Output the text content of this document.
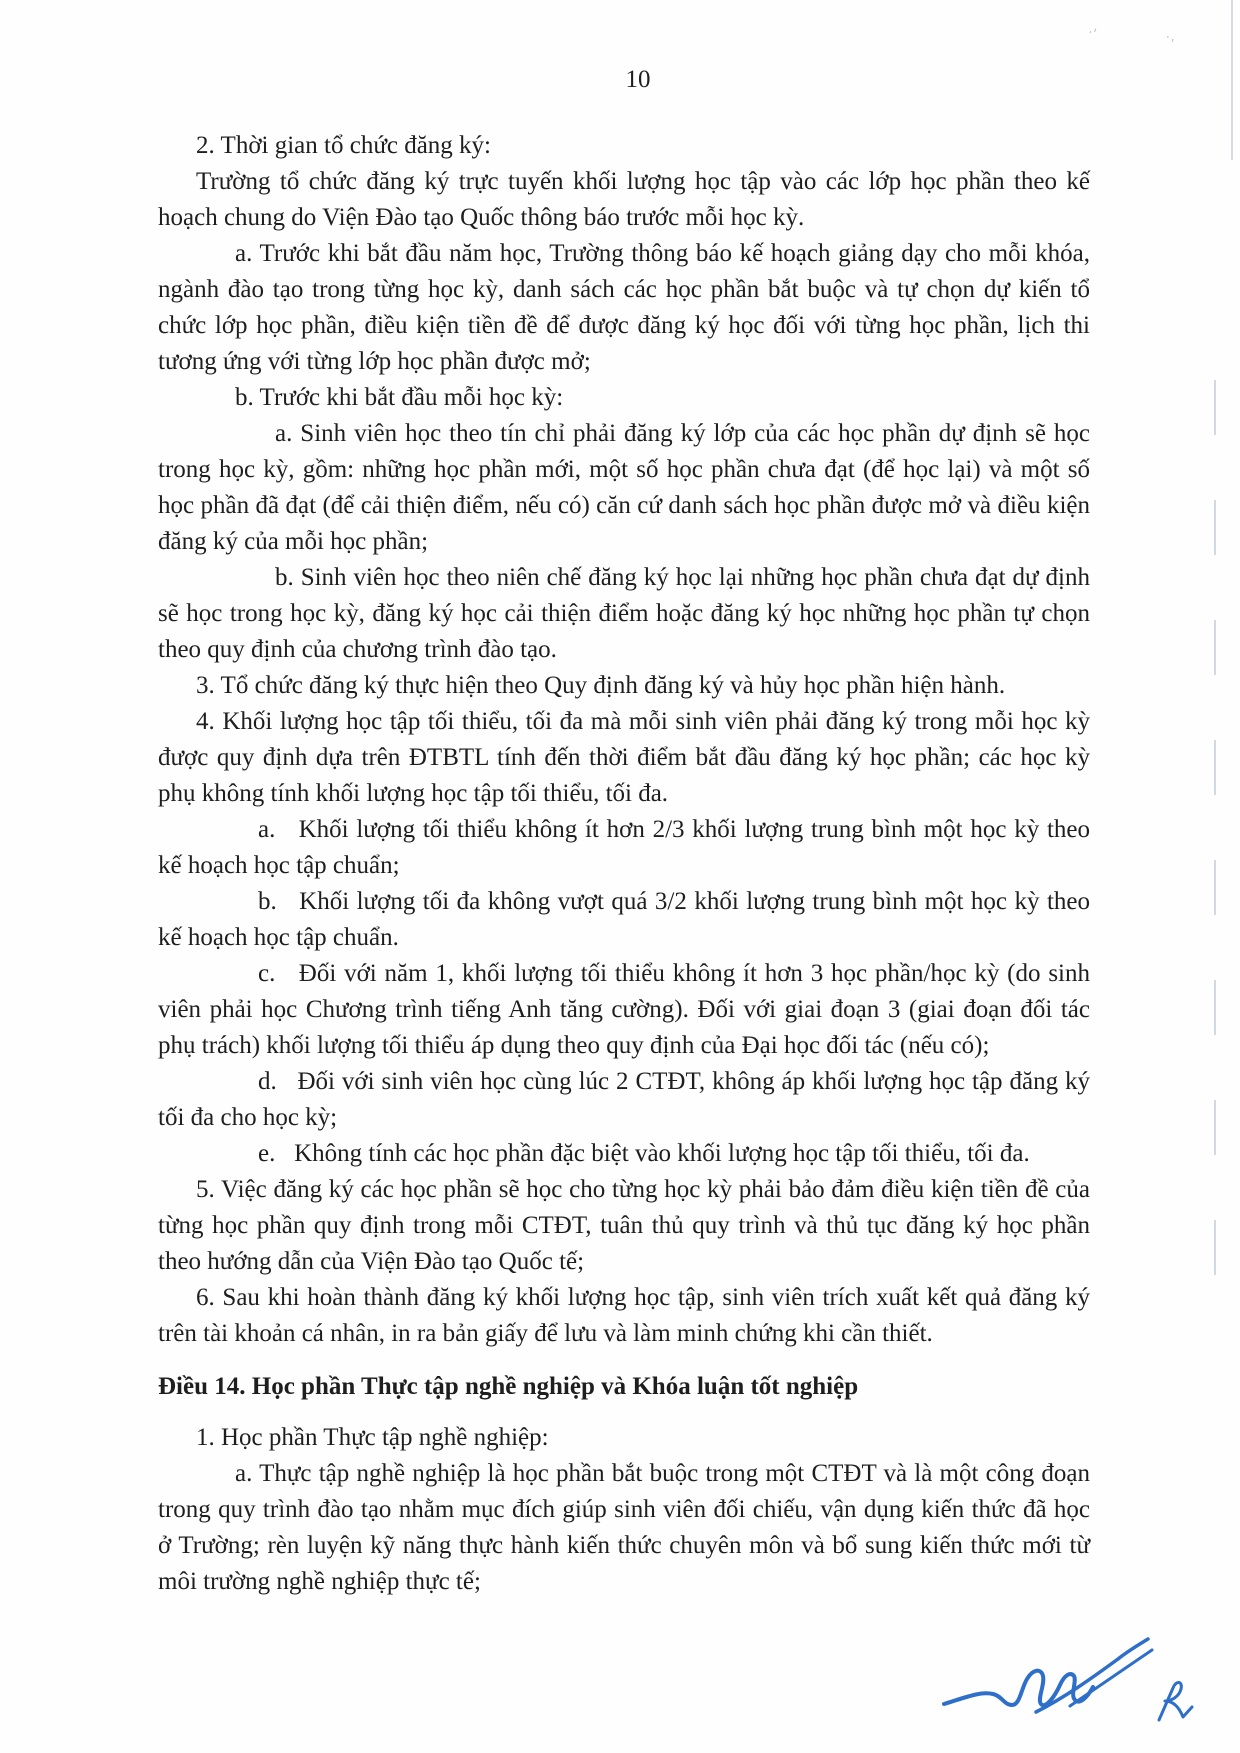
10

2. Thời gian tổ chức đăng ký:

Trường tổ chức đăng ký trực tuyến khối lượng học tập vào các lớp học phần theo kế hoạch chung do Viện Đào tạo Quốc thông báo trước mỗi học kỳ.

a. Trước khi bắt đầu năm học, Trường thông báo kế hoạch giảng dạy cho mỗi khóa, ngành đào tạo trong từng học kỳ, danh sách các học phần bắt buộc và tự chọn dự kiến tổ chức lớp học phần, điều kiện tiền đề để được đăng ký học đối với từng học phần, lịch thi tương ứng với từng lớp học phần được mở;

b. Trước khi bắt đầu mỗi học kỳ:

a. Sinh viên học theo tín chỉ phải đăng ký lớp của các học phần dự định sẽ học trong học kỳ, gồm: những học phần mới, một số học phần chưa đạt (để học lại) và một số học phần đã đạt (để cải thiện điểm, nếu có) căn cứ danh sách học phần được mở và điều kiện đăng ký của mỗi học phần;

b. Sinh viên học theo niên chế đăng ký học lại những học phần chưa đạt dự định sẽ học trong học kỳ, đăng ký học cải thiện điểm hoặc đăng ký học những học phần tự chọn theo quy định của chương trình đào tạo.

3. Tổ chức đăng ký thực hiện theo Quy định đăng ký và hủy học phần hiện hành.

4. Khối lượng học tập tối thiểu, tối đa mà mỗi sinh viên phải đăng ký trong mỗi học kỳ được quy định dựa trên ĐTBTL tính đến thời điểm bắt đầu đăng ký học phần; các học kỳ phụ không tính khối lượng học tập tối thiểu, tối đa.

a.   Khối lượng tối thiểu không ít hơn 2/3 khối lượng trung bình một học kỳ theo kế hoạch học tập chuẩn;

b.   Khối lượng tối đa không vượt quá 3/2 khối lượng trung bình một học kỳ theo kế hoạch học tập chuẩn.

c.   Đối với năm 1, khối lượng tối thiểu không ít hơn 3 học phần/học kỳ (do sinh viên phải học Chương trình tiếng Anh tăng cường). Đối với giai đoạn 3 (giai đoạn đối tác phụ trách) khối lượng tối thiểu áp dụng theo quy định của Đại học đối tác (nếu có);

d.   Đối với sinh viên học cùng lúc 2 CTĐT, không áp khối lượng học tập đăng ký tối đa cho học kỳ;

e.   Không tính các học phần đặc biệt vào khối lượng học tập tối thiểu, tối đa.

5. Việc đăng ký các học phần sẽ học cho từng học kỳ phải bảo đảm điều kiện tiền đề của từng học phần quy định trong mỗi CTĐT, tuân thủ quy trình và thủ tục đăng ký học phần theo hướng dẫn của Viện Đào tạo Quốc tế;

6. Sau khi hoàn thành đăng ký khối lượng học tập, sinh viên trích xuất kết quả đăng ký trên tài khoản cá nhân, in ra bản giấy để lưu và làm minh chứng khi cần thiết.

Điều 14. Học phần Thực tập nghề nghiệp và Khóa luận tốt nghiệp

1. Học phần Thực tập nghề nghiệp:

a. Thực tập nghề nghiệp là học phần bắt buộc trong một CTĐT và là một công đoạn trong quy trình đào tạo nhằm mục đích giúp sinh viên đối chiếu, vận dụng kiến thức đã học ở Trường; rèn luyện kỹ năng thực hành kiến thức chuyên môn và bổ sung kiến thức mới từ môi trường nghề nghiệp thực tế;

·'	·,
